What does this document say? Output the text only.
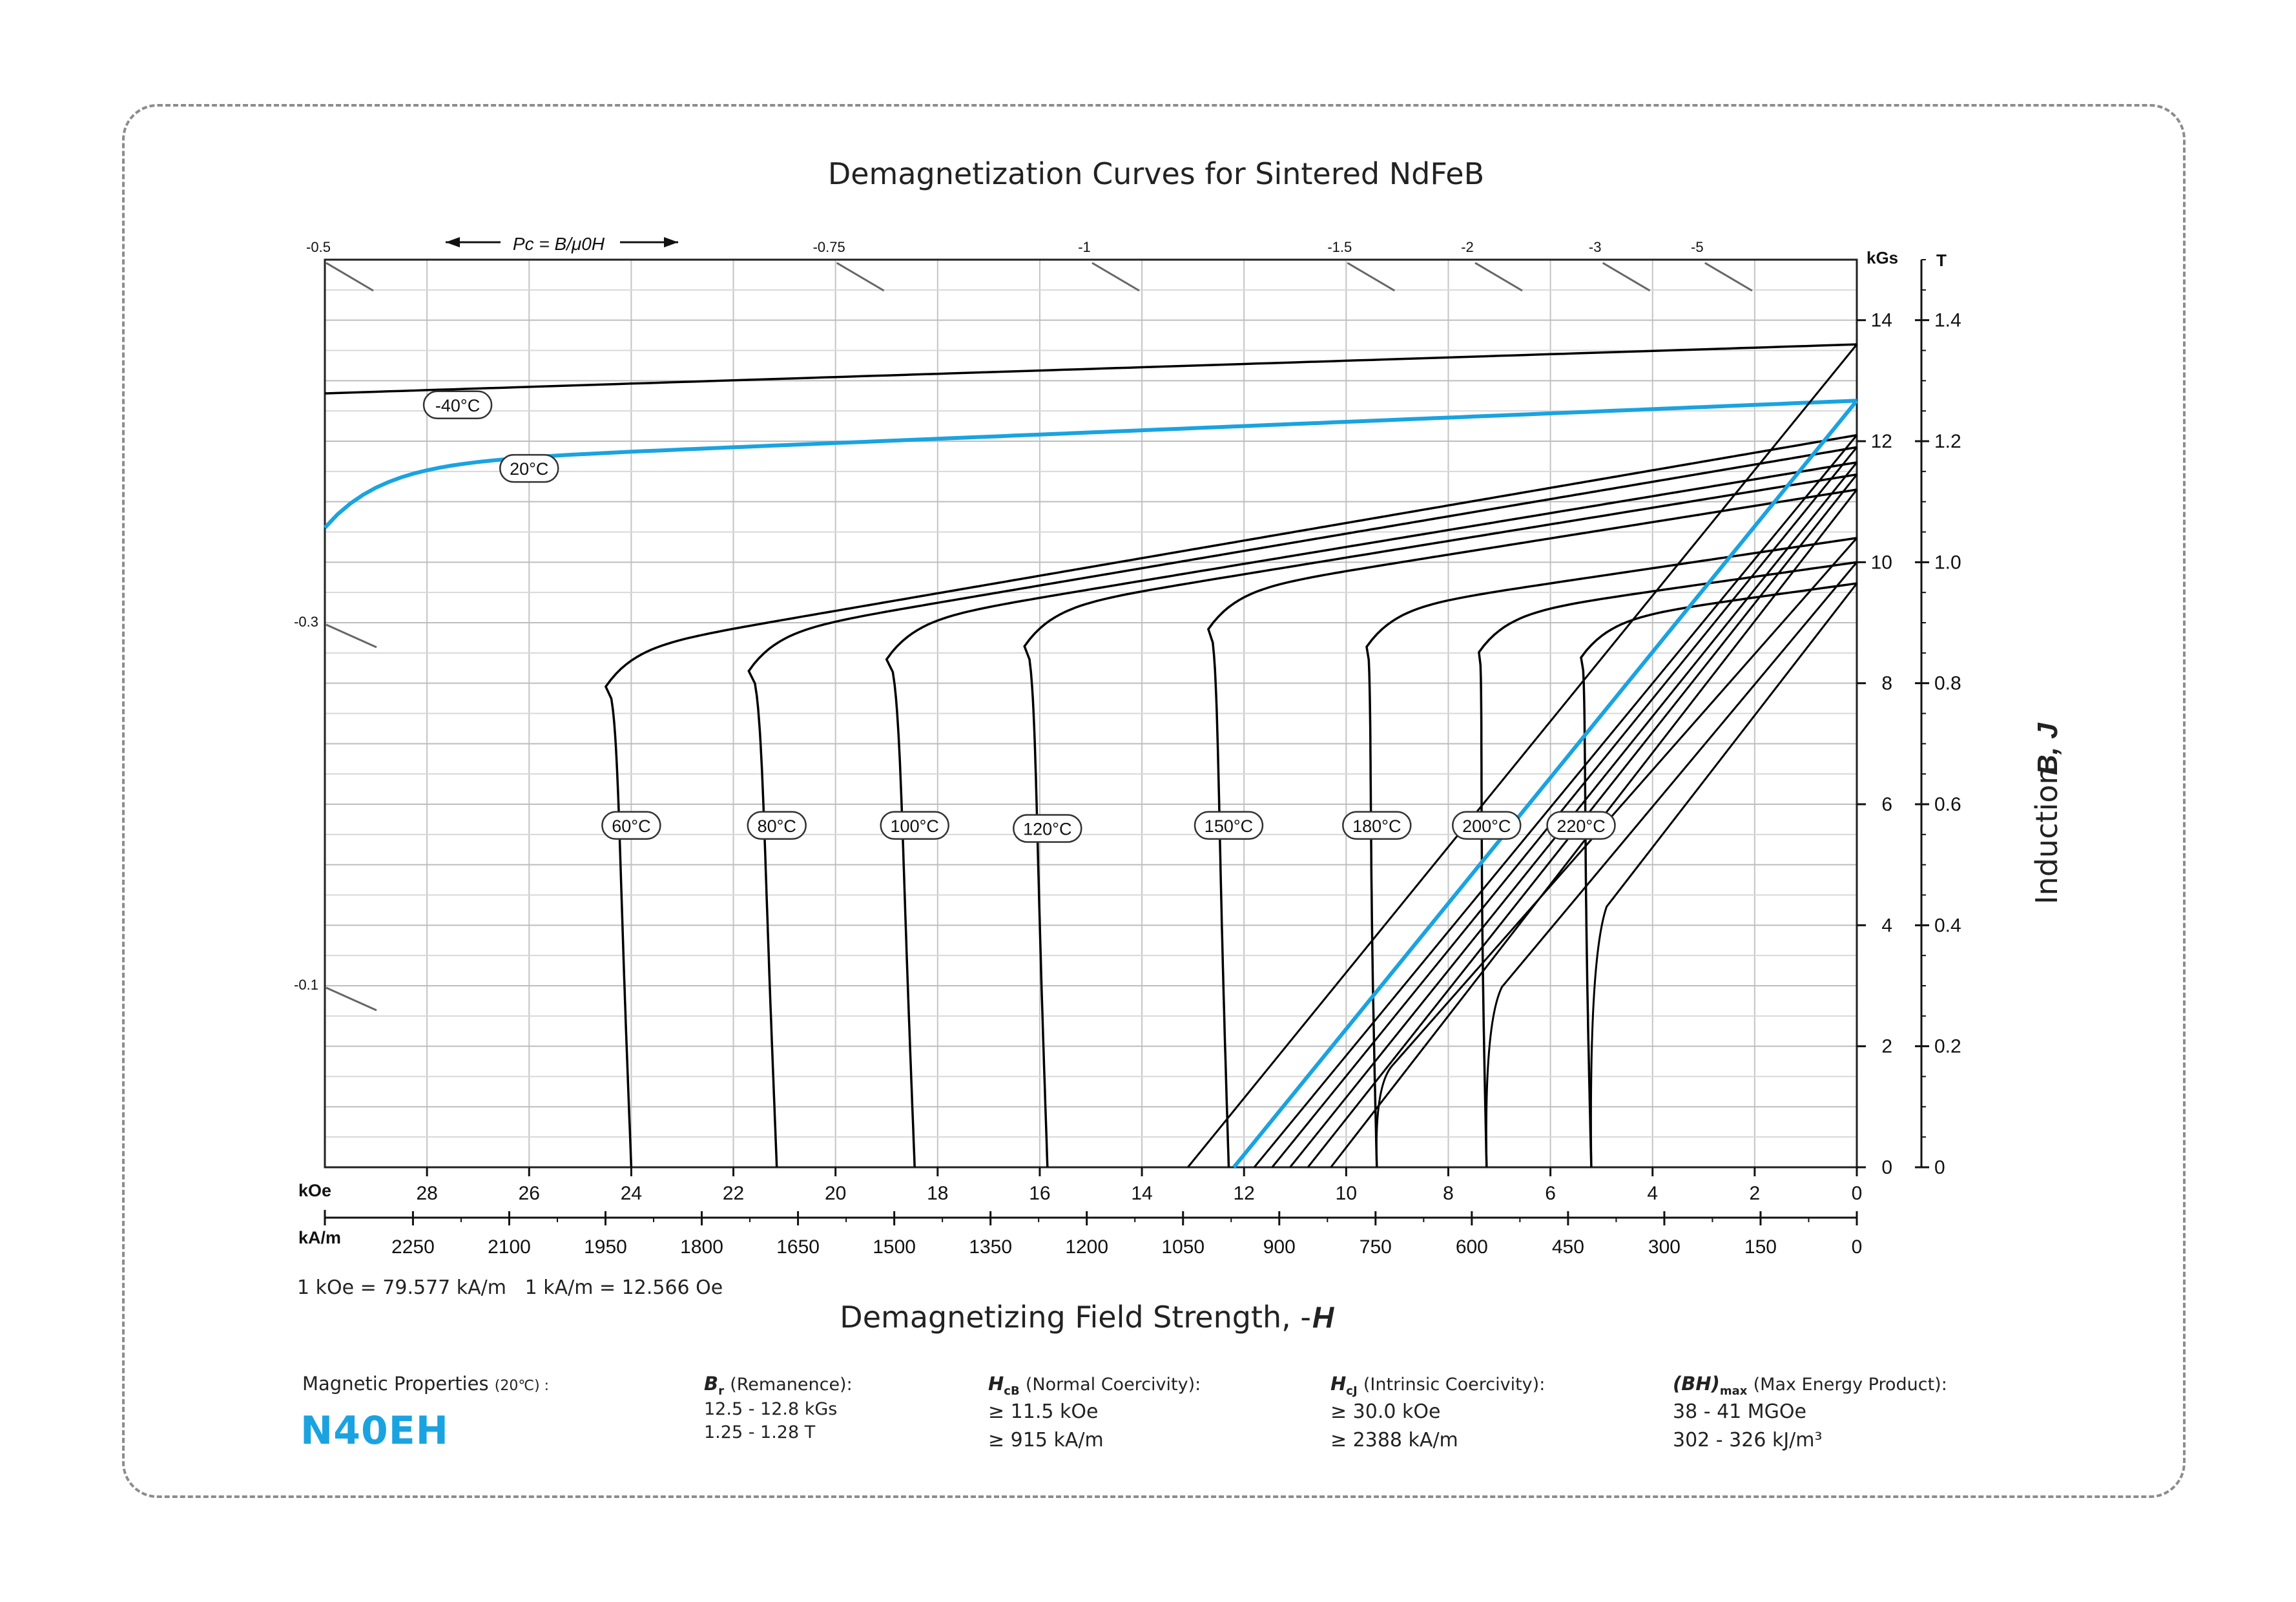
Demagnetization Curves for Sintered NdFeB
-0.5	-0.75	-1	-1.5	-2	-3	-5
-0.3
-0.1
-40°C
20°C
60°C	80°C	100°C	120°C	150°C	180°C	200°C	220°C
0
2
4
6
8
10
12
14
16
18
20
22
24
26
28
0
150
300
450
600
750
900
1050
1200
1350
1500
1650
1800
1950
2100
2250
0
2
4
6
8
10
12
14
0
0.2
0.4
0.6
0.8
1.0
1.2
1.4
Pc = B/μ0H
kGs T
kOe
kA/m
1 kOe = 79.577 kA/m   1 kA/m = 12.566 Oe
Demagnetizing Field Strength, - H
Induction
B, J
Magnetic Properties (20℃) :
N40EH
$B_r$ (Remanence):
12.5 - 12.8 kGs
1.25 - 1.28 T
$H_{cB}$ (Normal Coercivity):
≥ 11.5 kOe
≥ 915 kA/m
$H_{cJ}$ (Intrinsic Coercivity):
≥ 30.0 kOe
≥ 2388 kA/m
$(BH)_{max}$ (Max Energy Product):
38 - 41 MGOe
302 - 326 kJ/m³
